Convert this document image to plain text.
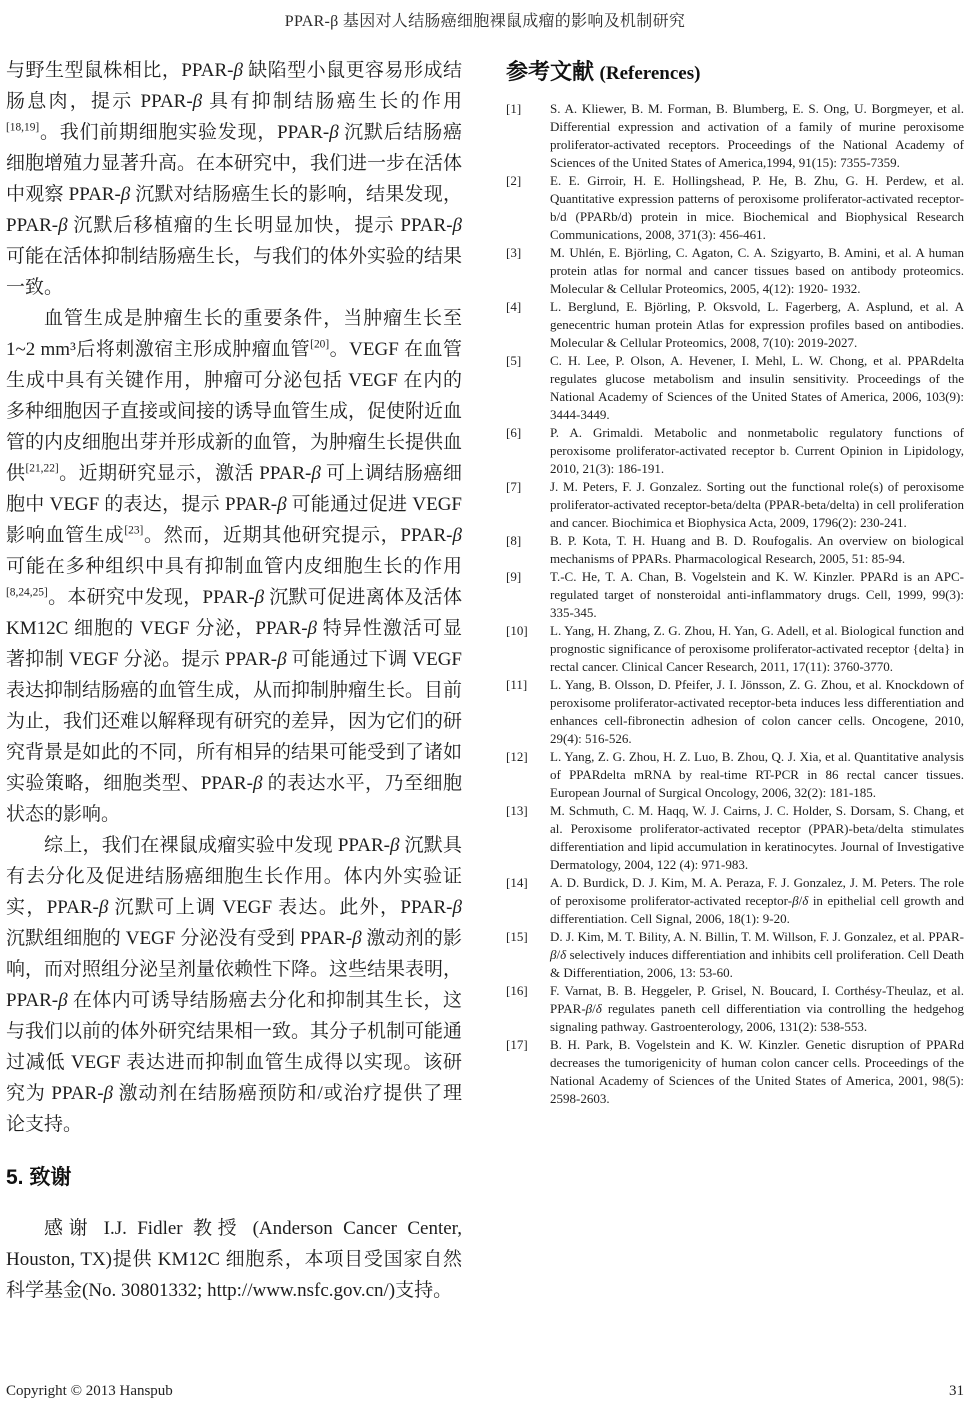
PPAR-β 基因对人结肠癌细胞裸鼠成瘤的影响及机制研究

与野生型鼠株相比，PPAR-β 缺陷型小鼠更容易形成结肠息肉，提示 PPAR-β 具有抑制结肠癌生长的作用[18,19]。我们前期细胞实验发现，PPAR-β 沉默后结肠癌细胞增殖力显著升高。在本研究中，我们进一步在活体中观察 PPAR-β 沉默对结肠癌生长的影响，结果发现，PPAR-β 沉默后移植瘤的生长明显加快，提示 PPAR-β 可能在活体抑制结肠癌生长，与我们的体外实验的结果一致。

血管生成是肿瘤生长的重要条件，当肿瘤生长至1~2 mm³后将刺激宿主形成肿瘤血管[20]。VEGF 在血管生成中具有关键作用，肿瘤可分泌包括 VEGF 在内的多种细胞因子直接或间接的诱导血管生成，促使附近血管的内皮细胞出芽并形成新的血管，为肿瘤生长提供血供[21,22]。近期研究显示，激活 PPAR-β 可上调结肠癌细胞中 VEGF 的表达，提示 PPAR-β 可能通过促进 VEGF 影响血管生成[23]。然而，近期其他研究提示，PPAR-β 可能在多种组织中具有抑制血管内皮细胞生长的作用[8,24,25]。本研究中发现，PPAR-β 沉默可促进离体及活体 KM12C 细胞的 VEGF 分泌，PPAR-β 特异性激活可显著抑制 VEGF 分泌。提示 PPAR-β 可能通过下调 VEGF 表达抑制结肠癌的血管生成，从而抑制肿瘤生长。目前为止，我们还难以解释现有研究的差异，因为它们的研究背景是如此的不同，所有相异的结果可能受到了诸如实验策略，细胞类型、PPAR-β 的表达水平，乃至细胞状态的影响。

综上，我们在裸鼠成瘤实验中发现 PPAR-β 沉默具有去分化及促进结肠癌细胞生长作用。体内外实验证实，PPAR-β 沉默可上调 VEGF 表达。此外，PPAR-β 沉默组细胞的 VEGF 分泌没有受到 PPAR-β 激动剂的影响，而对照组分泌呈剂量依赖性下降。这些结果表明，PPAR-β 在体内可诱导结肠癌去分化和抑制其生长，这与我们以前的体外研究结果相一致。其分子机制可能通过减低 VEGF 表达进而抑制血管生成得以实现。该研究为 PPAR-β 激动剂在结肠癌预防和/或治疗提供了理论支持。

5. 致谢

感谢 I.J. Fidler 教授 (Anderson Cancer Center, Houston, TX)提供 KM12C 细胞系，本项目受国家自然科学基金(No. 30801332; http://www.nsfc.gov.cn/)支持。

参考文献 (References)
[1]	S. A. Kliewer, B. M. Forman, B. Blumberg, E. S. Ong, U. Borgmeyer, et al. Differential expression and activation of a family of murine peroxisome proliferator-activated receptors. Proceedings of the National Academy of Sciences of the United States of America,1994, 91(15): 7355-7359.
[2]	E. E. Girroir, H. E. Hollingshead, P. He, B. Zhu, G. H. Perdew, et al. Quantitative expression patterns of peroxisome proliferator-activated receptor-b/d (PPARb/d) protein in mice. Biochemical and Biophysical Research Communications, 2008, 371(3): 456-461.
[3]	M. Uhlén, E. Björling, C. Agaton, C. A. Szigyarto, B. Amini, et al. A human protein atlas for normal and cancer tissues based on antibody proteomics. Molecular & Cellular Proteomics, 2005, 4(12): 1920- 1932.
[4]	L. Berglund, E. Björling, P. Oksvold, L. Fagerberg, A. Asplund, et al. A genecentric human protein Atlas for expression profiles based on antibodies. Molecular & Cellular Proteomics, 2008, 7(10): 2019-2027.
[5]	C. H. Lee, P. Olson, A. Hevener, I. Mehl, L. W. Chong, et al. PPARdelta regulates glucose metabolism and insulin sensitivity. Proceedings of the National Academy of Sciences of the United States of America, 2006, 103(9): 3444-3449.
[6]	P. A. Grimaldi. Metabolic and nonmetabolic regulatory functions of peroxisome proliferator-activated receptor b. Current Opinion in Lipidology, 2010, 21(3): 186-191.
[7]	J. M. Peters, F. J. Gonzalez. Sorting out the functional role(s) of peroxisome proliferator-activated receptor-beta/delta (PPAR-beta/delta) in cell proliferation and cancer. Biochimica et Biophysica Acta, 2009, 1796(2): 230-241.
[8]	B. P. Kota, T. H. Huang and B. D. Roufogalis. An overview on biological mechanisms of PPARs. Pharmacological Research, 2005, 51: 85-94.
[9]	T.-C. He, T. A. Chan, B. Vogelstein and K. W. Kinzler. PPARd is an APC-regulated target of nonsteroidal anti-inflammatory drugs. Cell, 1999, 99(3): 335-345.
[10]	L. Yang, H. Zhang, Z. G. Zhou, H. Yan, G. Adell, et al. Biological function and prognostic significance of peroxisome proliferator-activated receptor {delta} in rectal cancer. Clinical Cancer Research, 2011, 17(11): 3760-3770.
[11]	L. Yang, B. Olsson, D. Pfeifer, J. I. Jönsson, Z. G. Zhou, et al. Knockdown of peroxisome proliferator-activated receptor-beta induces less differentiation and enhances cell-fibronectin adhesion of colon cancer cells. Oncogene, 2010, 29(4): 516-526.
[12]	L. Yang, Z. G. Zhou, H. Z. Luo, B. Zhou, Q. J. Xia, et al. Quantitative analysis of PPARdelta mRNA by real-time RT-PCR in 86 rectal cancer tissues. European Journal of Surgical Oncology, 2006, 32(2): 181-185.
[13]	M. Schmuth, C. M. Haqq, W. J. Cairns, J. C. Holder, S. Dorsam, S. Chang, et al. Peroxisome proliferator-activated receptor (PPAR)-beta/delta stimulates differentiation and lipid accumulation in keratinocytes. Journal of Investigative Dermatology, 2004, 122 (4): 971-983.
[14]	A. D. Burdick, D. J. Kim, M. A. Peraza, F. J. Gonzalez, J. M. Peters. The role of peroxisome proliferator-activated receptor-β/δ in epithelial cell growth and differentiation. Cell Signal, 2006, 18(1): 9-20.
[15]	D. J. Kim, M. T. Bility, A. N. Billin, T. M. Willson, F. J. Gonzalez, et al. PPAR-β/δ selectively induces differentiation and inhibits cell proliferation. Cell Death & Differentiation, 2006, 13: 53-60.
[16]	F. Varnat, B. B. Heggeler, P. Grisel, N. Boucard, I. Corthésy-Theulaz, et al. PPAR-β/δ regulates paneth cell differentiation via controlling the hedgehog signaling pathway. Gastroenterology, 2006, 131(2): 538-553.
[17]	B. H. Park, B. Vogelstein and K. W. Kinzler. Genetic disruption of PPARd decreases the tumorigenicity of human colon cancer cells. Proceedings of the National Academy of Sciences of the United States of America, 2001, 98(5): 2598-2603.
Copyright © 2013 Hanspub	31
